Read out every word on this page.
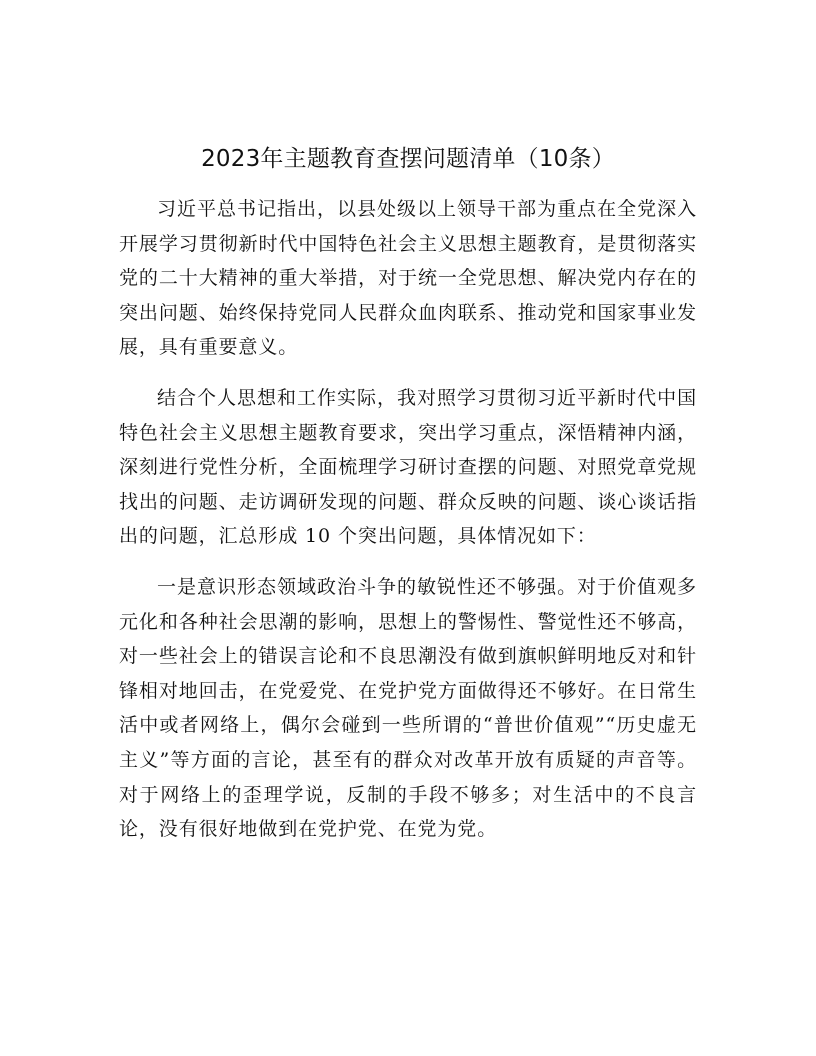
2023年主题教育查摆问题清单（10条）

习近平总书记指出，以县处级以上领导干部为重点在全党深入开展学习贯彻新时代中国特色社会主义思想主题教育，是贯彻落实党的二十大精神的重大举措，对于统一全党思想、解决党内存在的突出问题、始终保持党同人民群众血肉联系、推动党和国家事业发展，具有重要意义。

结合个人思想和工作实际，我对照学习贯彻习近平新时代中国特色社会主义思想主题教育要求，突出学习重点，深悟精神内涵，深刻进行党性分析，全面梳理学习研讨查摆的问题、对照党章党规找出的问题、走访调研发现的问题、群众反映的问题、谈心谈话指出的问题，汇总形成 10 个突出问题，具体情况如下：

一是意识形态领域政治斗争的敏锐性还不够强。对于价值观多元化和各种社会思潮的影响，思想上的警惕性、警觉性还不够高，对一些社会上的错误言论和不良思潮没有做到旗帜鲜明地反对和针锋相对地回击，在党爱党、在党护党方面做得还不够好。在日常生活中或者网络上，偶尔会碰到一些所谓的“普世价值观”“历史虚无主义”等方面的言论，甚至有的群众对改革开放有质疑的声音等。对于网络上的歪理学说，反制的手段不够多；对生活中的不良言论，没有很好地做到在党护党、在党为党。
